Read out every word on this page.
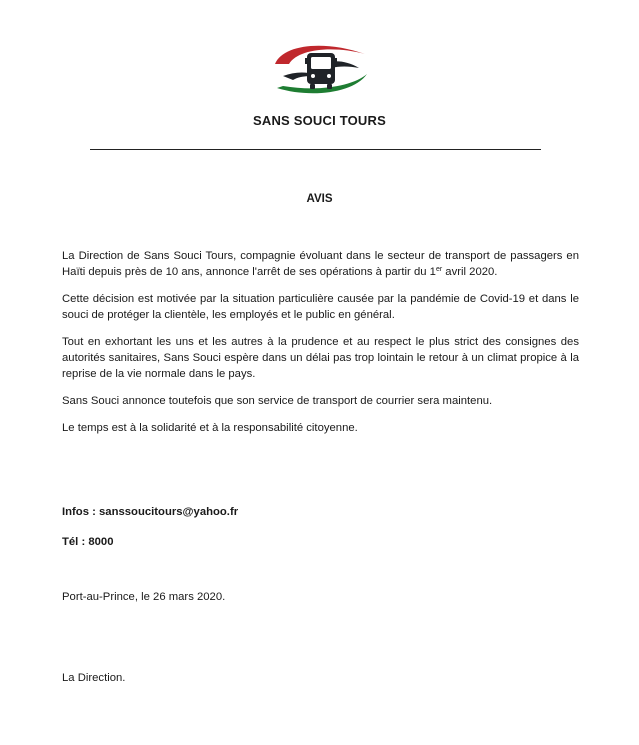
SANS SOUCI TOURS
AVIS

La Direction de Sans Souci Tours, compagnie évoluant dans le secteur de transport de passagers en Haïti depuis près de 10 ans, annonce l'arrêt de ses opérations à partir du 1er avril 2020.

Cette décision est motivée par la situation particulière causée par la pandémie de Covid-19 et dans le souci de protéger la clientèle, les employés et le public en général.

Tout en exhortant les uns et les autres à la prudence et au respect le plus strict des consignes des autorités sanitaires, Sans Souci espère dans un délai pas trop lointain le retour à un climat propice à la reprise de la vie normale dans le pays.

Sans Souci annonce toutefois que son service de transport de courrier sera maintenu.

Le temps est à la solidarité et à la responsabilité citoyenne.

Infos : sanssoucitours@yahoo.fr
Tél : 8000
Port-au-Prince, le 26 mars 2020.
La Direction.
